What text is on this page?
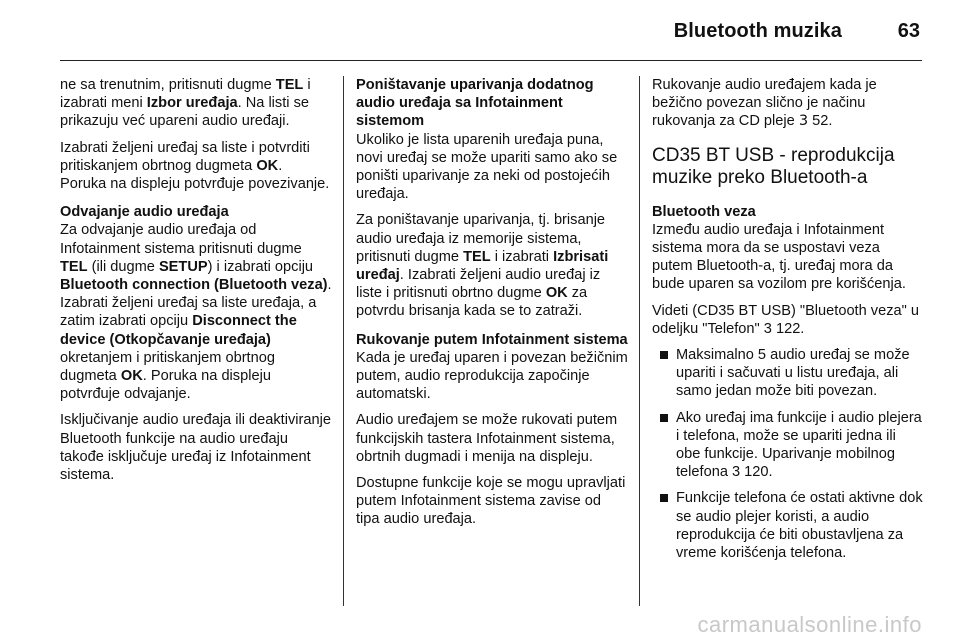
Bluetooth muzika	63

ne sa trenutnim, pritisnuti dugme TEL i izabrati meni Izbor uređaja. Na listi se prikazuju već upareni audio uređaji.

Izabrati željeni uređaj sa liste i potvrditi pritiskanjem obrtnog dugmeta OK. Poruka na displeju potvrđuje povezivanje.

Odvajanje audio uređaja

Za odvajanje audio uređaja od Infotainment sistema pritisnuti dugme TEL (ili dugme SETUP) i izabrati opciju Bluetooth connection (Bluetooth veza). Izabrati željeni uređaj sa liste uređaja, a zatim izabrati opciju Disconnect the device (Otkopčavanje uređaja) okretanjem i pritiskanjem obrtnog dugmeta OK. Poruka na displeju potvrđuje odvajanje.

Isključivanje audio uređaja ili deaktiviranje Bluetooth funkcije na audio uređaju takođe isključuje uređaj iz Infotainment sistema.

Poništavanje uparivanja dodatnog audio uređaja sa Infotainment sistemom

Ukoliko je lista uparenih uređaja puna, novi uređaj se može upariti samo ako se poništi uparivanje za neki od postojećih uređaja.

Za poništavanje uparivanja, tj. brisanje audio uređaja iz memorije sistema, pritisnuti dugme TEL i izabrati Izbrisati uređaj. Izabrati željeni audio uređaj iz liste i pritisnuti obrtno dugme OK za potvrdu brisanja kada se to zatraži.

Rukovanje putem Infotainment sistema

Kada je uređaj uparen i povezan bežičnim putem, audio reprodukcija započinje automatski.

Audio uređajem se može rukovati putem funkcijskih tastera Infotainment sistema, obrtnih dugmadi i menija na displeju.

Dostupne funkcije koje se mogu upravljati putem Infotainment sistema zavise od tipa audio uređaja.

Rukovanje audio uređajem kada je bežično povezan slično je načinu rukovanja za CD pleje 3 52.

CD35 BT USB - reprodukcija muzike preko Bluetooth-a

Bluetooth veza

Između audio uređaja i Infotainment sistema mora da se uspostavi veza putem Bluetooth-a, tj. uređaj mora da bude uparen sa vozilom pre korišćenja.

Videti (CD35 BT USB) "Bluetooth veza" u odeljku "Telefon" 3 122.

Maksimalno 5 audio uređaj se može upariti i sačuvati u listu uređaja, ali samo jedan može biti povezan.
Ako uređaj ima funkcije i audio plejera i telefona, može se upariti jedna ili obe funkcije. Uparivanje mobilnog telefona 3 120.
Funkcije telefona će ostati aktivne dok se audio plejer koristi, a audio reprodukcija će biti obustavljena za vreme korišćenja telefona.
carmanualsonline.info
